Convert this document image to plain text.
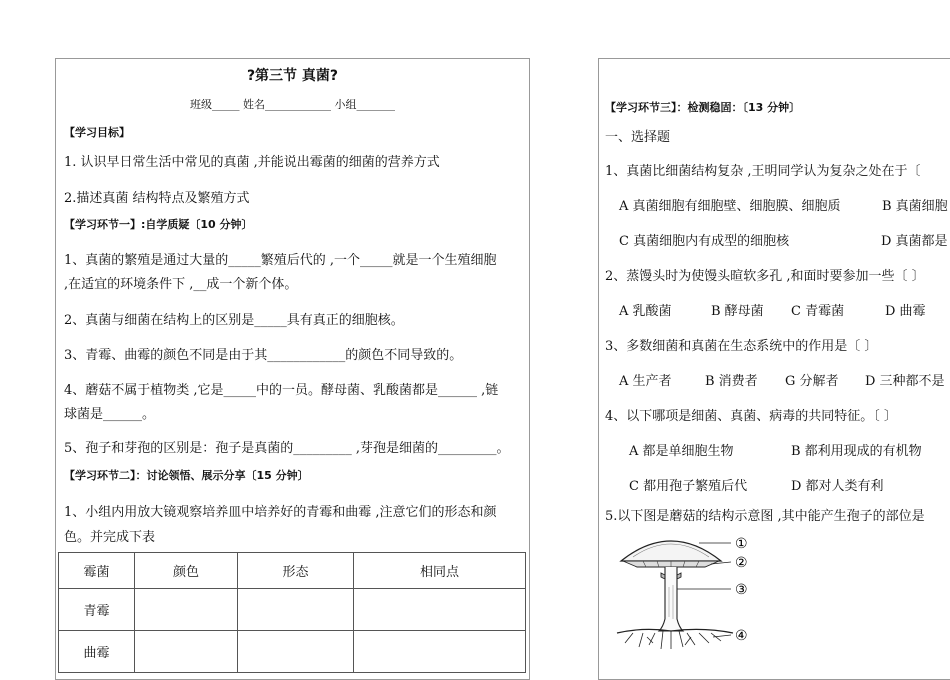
?第三节 真菌?
班级_____ 姓名____________ 小组_______
【学习目标】
1. 认识早日常生活中常见的真菌 ,并能说出霉菌的细菌的营养方式
2.描述真菌 结构特点及繁殖方式
【学习环节一】:自学质疑〔10 分钟〕
1、真菌的繁殖是通过大量的_____繁殖后代的 ,一个_____就是一个生殖细胞
,在适宜的环境条件下 ,__成一个新个体。
2、真菌与细菌在结构上的区别是_____具有真正的细胞核。
3、青霉、曲霉的颜色不同是由于其____________的颜色不同导致的。
4、蘑菇不属于植物类 ,它是_____中的一员。酵母菌、乳酸菌都是______ ,链
球菌是______。
5、孢子和芽孢的区别是：孢子是真菌的_________ ,芽孢是细菌的_________。
【学习环节二】：讨论领悟、展示分享〔15 分钟〕
1、小组内用放大镜观察培养皿中培养好的青霉和曲霉 ,注意它们的形态和颜
色。并完成下表
霉菌	颜色	形态	相同点
青霉			
曲霉			
【学习环节三】：检测稳固：〔13 分钟〕
一、选择题
1、真菌比细菌结构复杂 ,王明同学认为复杂之处在于〔
A 真菌细胞有细胞壁、细胞膜、细胞质	B 真菌细胞
C 真菌细胞内有成型的细胞核	D 真菌都是
2、蒸馒头时为使馒头暄软多孔 ,和面时要参加一些〔 〕
A 乳酸菌	B 酵母菌 C 青霉菌	D 曲霉
3、多数细菌和真菌在生态系统中的作用是〔 〕
A 生产者	B 消费者 G 分解者 D 三种都不是
4、以下哪项是细菌、真菌、病毒的共同特征。〔 〕
A 都是单细胞生物	B 都利用现成的有机物
C 都用孢子繁殖后代	D 都对人类有利
5.以下图是蘑菇的结构示意图 ,其中能产生孢子的部位是
①
②
③
④
